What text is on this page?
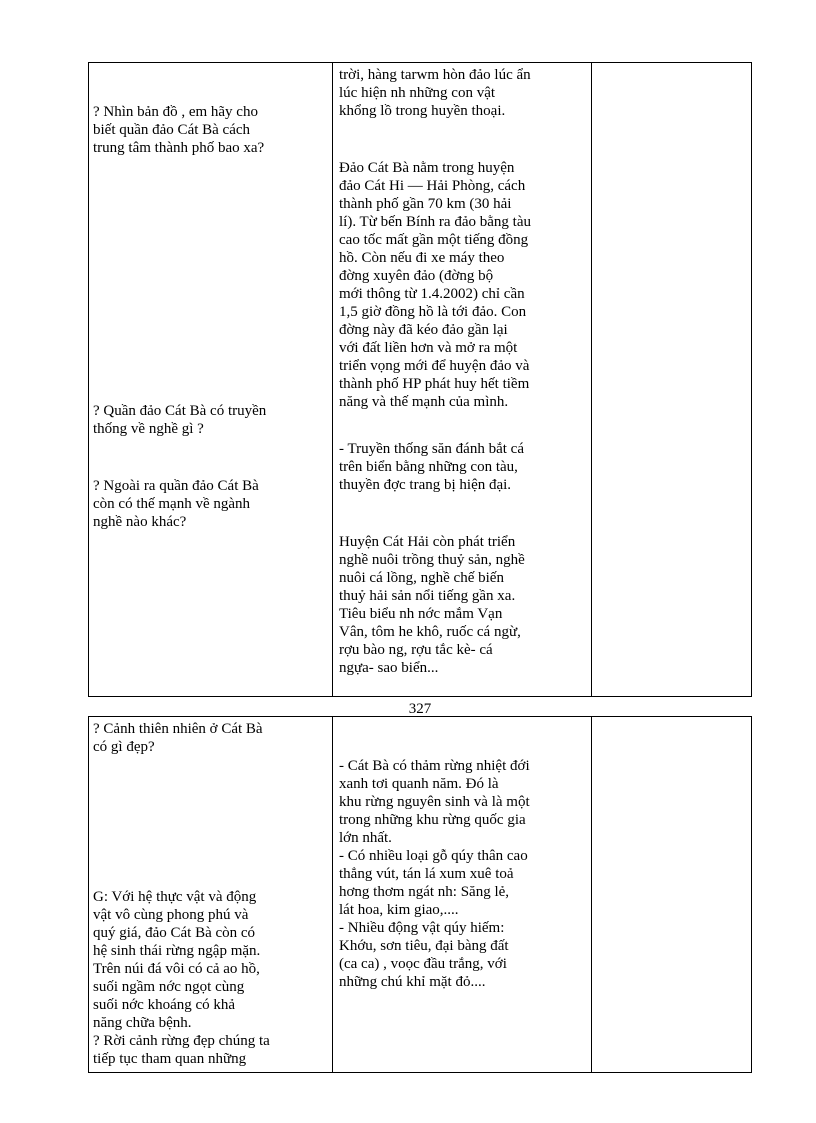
? Nhìn bản đồ , em hãy cho
biết quần đảo Cát Bà cách
trung tâm thành phố bao xa?
? Quần đảo Cát Bà có truyền
thống về nghề gì ?
? Ngoài ra quần đảo Cát Bà
còn có thế mạnh về ngành
nghề nào khác?
trời, hàng tarwm hòn đảo lúc ẩn
lúc hiện nh những con vật
khổng lồ trong huyền thoại.
Đảo Cát Bà nằm trong huyện
đảo Cát Hi — Hải Phòng, cách
thành phố gần 70 km (30 hải
lí). Từ bến Bính ra đảo bằng tàu
cao tốc mất gần một tiếng đồng
hồ. Còn nếu đi xe máy theo
đờng xuyên đảo (đờng bộ
mới thông từ 1.4.2002) chỉ cần
1,5 giờ đồng hồ là tới đảo. Con
đờng này đã kéo đảo gần lại
với đất liền hơn và mở ra một
triển vọng mới để huyện đảo và
thành phố HP phát huy hết tiềm
năng và thế mạnh của mình.
- Truyền thống săn đánh bắt cá
trên biển bằng những con tàu,
thuyền đợc trang bị hiện đại.
Huyện Cát Hải còn phát triển
nghề nuôi trồng thuỷ sản, nghề
nuôi cá lồng, nghề chế biến
thuỷ hải sản nổi tiếng gần xa.
Tiêu biểu nh nớc mắm Vạn
Vân, tôm he khô, ruốc cá ngừ,
rợu bào ng, rợu tắc kè- cá
ngựa- sao biển...
327
? Cảnh thiên nhiên ở Cát Bà
có gì đẹp?
G: Với hệ thực vật và động
vật vô cùng phong phú và
quý giá, đảo Cát Bà còn có
hệ sinh thái rừng ngập mặn.
Trên núi đá vôi có cả ao hồ,
suối ngầm nớc ngọt cùng
suối nớc khoáng có khả
năng chữa bệnh.
? Rời cảnh rừng đẹp chúng ta
tiếp tục tham quan những
- Cát Bà có thảm rừng nhiệt đới
xanh tơi quanh năm. Đó là
khu rừng nguyên sinh và là một
trong những khu rừng quốc gia
lớn nhất.
- Có nhiều loại gỗ qúy thân cao
thẳng vút, tán lá xum xuê toả
hơng thơm ngát nh: Săng lẻ,
lát hoa, kim giao,....
- Nhiều động vật qúy hiếm:
Khớu, sơn tiêu, đại bàng đất
(ca ca) , voọc đầu trắng, với
những chú khỉ mặt đỏ....
